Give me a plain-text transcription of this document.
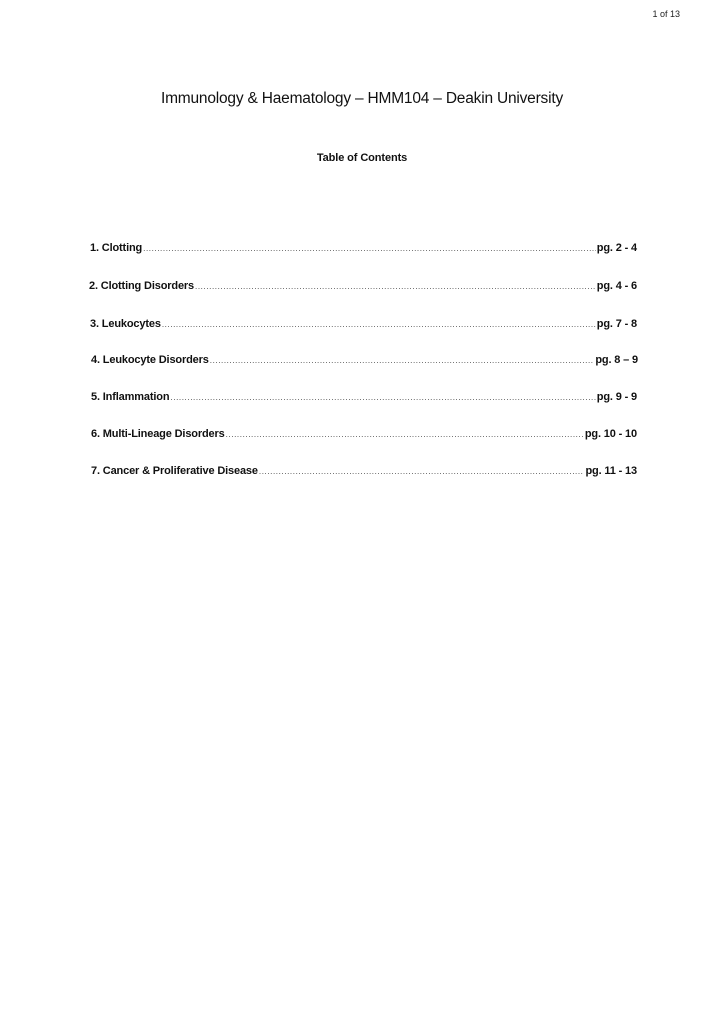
1 of 13
Immunology & Haematology – HMM104 – Deakin University
Table of Contents
1. Clotting .....	pg. 2 - 4
2. Clotting Disorders .....	pg. 4 - 6
3. Leukocytes .....	pg. 7 - 8
4. Leukocyte Disorders .....	pg. 8 – 9
5. Inflammation .....	pg. 9 - 9
6. Multi-Lineage Disorders .....	pg. 10 - 10
7. Cancer & Proliferative Disease .....	pg. 11 - 13
